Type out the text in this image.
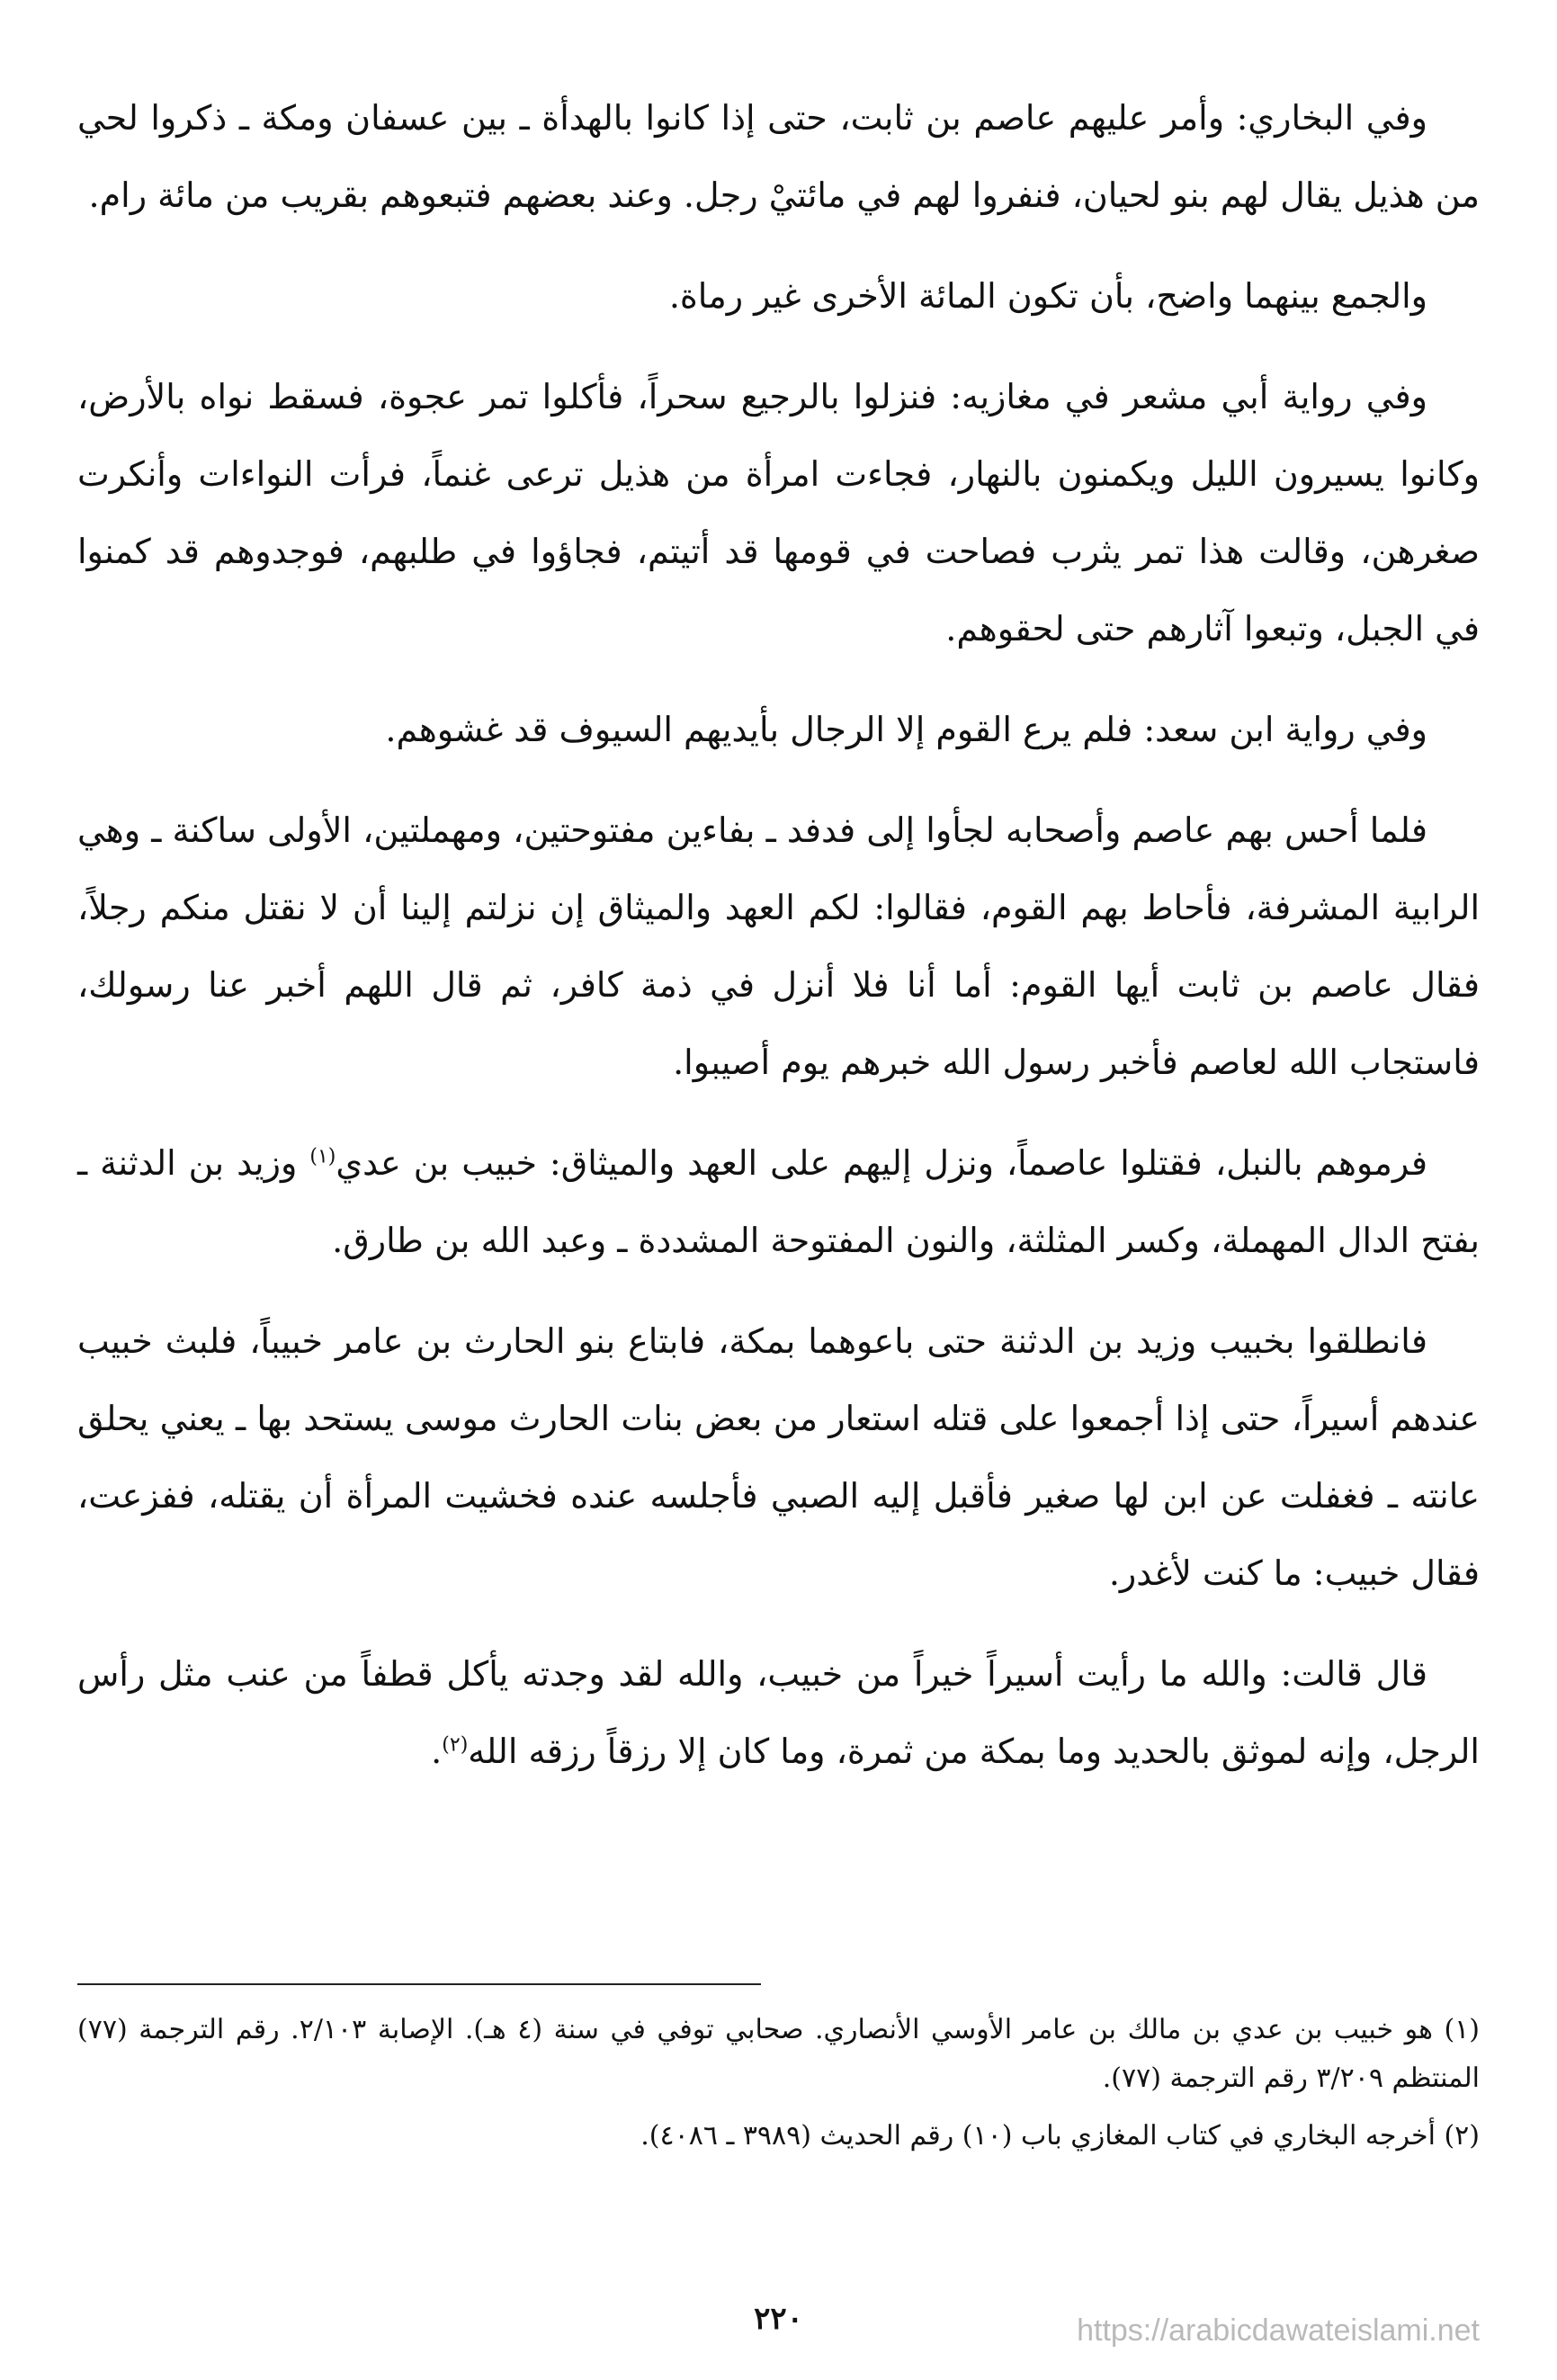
وفي البخاري: وأمر عليهم عاصم بن ثابت، حتى إذا كانوا بالهدأة ـ بين عسفان ومكة ـ ذكروا لحي من هذيل يقال لهم بنو لحيان، فنفروا لهم في مائتيْ رجل. وعند بعضهم فتبعوهم بقريب من مائة رام.

والجمع بينهما واضح، بأن تكون المائة الأخرى غير رماة.

وفي رواية أبي مشعر في مغازيه: فنزلوا بالرجيع سحراً، فأكلوا تمر عجوة، فسقط نواه بالأرض، وكانوا يسيرون الليل ويكمنون بالنهار، فجاءت امرأة من هذيل ترعى غنماً، فرأت النواءات وأنكرت صغرهن، وقالت هذا تمر يثرب فصاحت في قومها قد أتيتم، فجاؤوا في طلبهم، فوجدوهم قد كمنوا في الجبل، وتبعوا آثارهم حتى لحقوهم.

وفي رواية ابن سعد: فلم يرع القوم إلا الرجال بأيديهم السيوف قد غشوهم.

فلما أحس بهم عاصم وأصحابه لجأوا إلى فدفد ـ بفاءين مفتوحتين، ومهملتين، الأولى ساكنة ـ وهي الرابية المشرفة، فأحاط بهم القوم، فقالوا: لكم العهد والميثاق إن نزلتم إلينا أن لا نقتل منكم رجلاً، فقال عاصم بن ثابت أيها القوم: أما أنا فلا أنزل في ذمة كافر، ثم قال اللهم أخبر عنا رسولك، فاستجاب الله لعاصم فأخبر رسول الله خبرهم يوم أصيبوا.

فرموهم بالنبل، فقتلوا عاصماً، ونزل إليهم على العهد والميثاق: خبيب بن عدي$^{(١)}$ وزيد بن الدثنة ـ بفتح الدال المهملة، وكسر المثلثة، والنون المفتوحة المشددة ـ وعبد الله بن طارق.

فانطلقوا بخبيب وزيد بن الدثنة حتى باعوهما بمكة، فابتاع بنو الحارث بن عامر خبيباً، فلبث خبيب عندهم أسيراً، حتى إذا أجمعوا على قتله استعار من بعض بنات الحارث موسى يستحد بها ـ يعني يحلق عانته ـ فغفلت عن ابن لها صغير فأقبل إليه الصبي فأجلسه عنده فخشيت المرأة أن يقتله، ففزعت، فقال خبيب: ما كنت لأغدر.

قال قالت: والله ما رأيت أسيراً خيراً من خبيب، والله لقد وجدته يأكل قطفاً من عنب مثل رأس الرجل، وإنه لموثق بالحديد وما بمكة من ثمرة، وما كان إلا رزقاً رزقه الله$^{(٢)}$.

(١) هو خبيب بن عدي بن مالك بن عامر الأوسي الأنصاري. صحابي توفي في سنة (٤ هـ). الإصابة ٢/١٠٣. رقم الترجمة (٧٧) المنتظم ٣/٢٠٩ رقم الترجمة (٧٧).

(٢) أخرجه البخاري في كتاب المغازي باب (١٠) رقم الحديث (٣٩٨٩ ـ ٤٠٨٦).

٢٢٠	https://arabicdawateislami.net
